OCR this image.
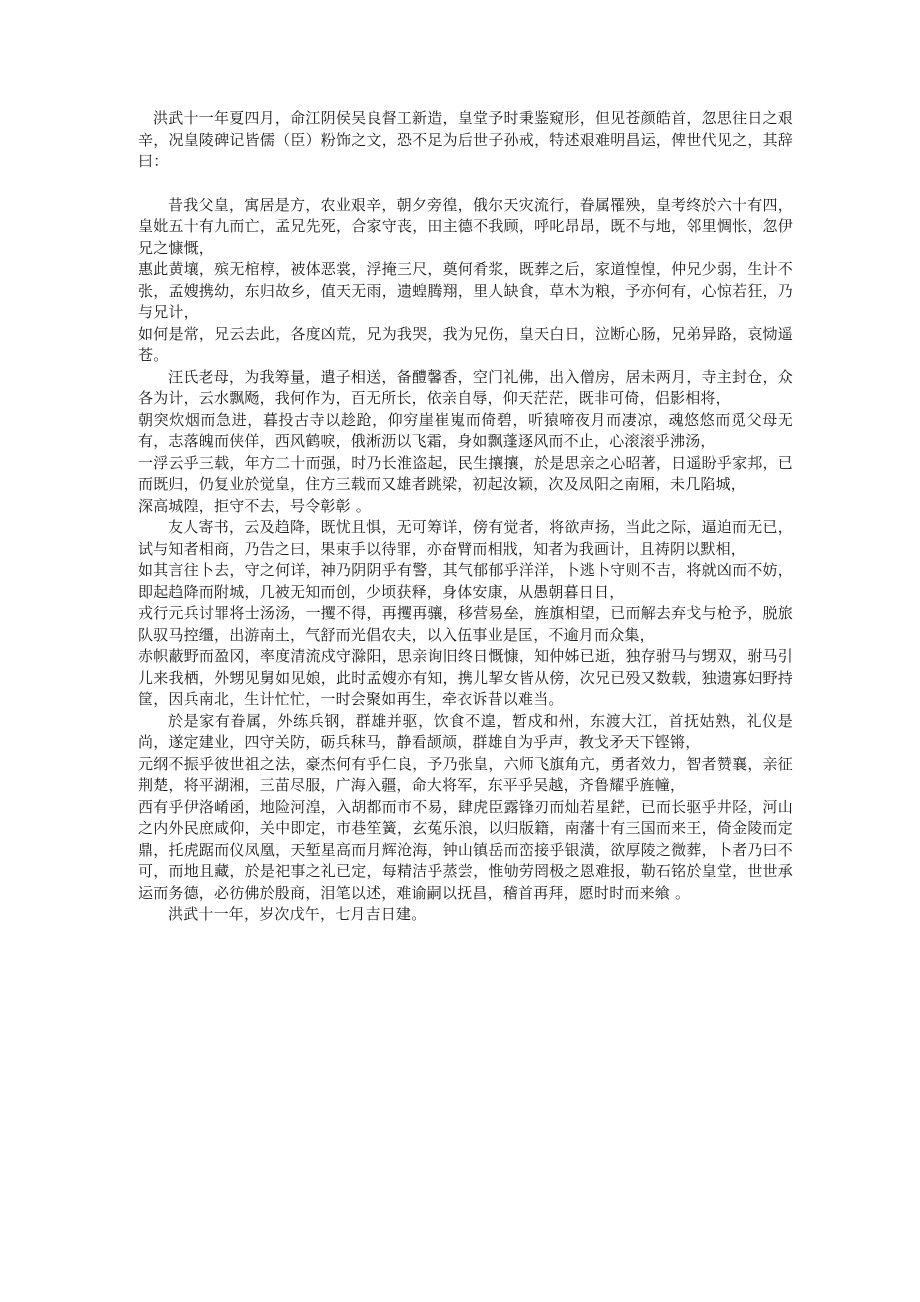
洪武十一年夏四月，命江阴侯吴良督工新造，皇堂予时秉鉴窥形，但见苍颜皓首，忽思往日之艰辛，况皇陵碑记皆儒（臣）粉饰之文，恐不足为后世子孙戒，特述艰难明昌运，俾世代见之，其辞曰：

昔我父皇，寓居是方，农业艰辛，朝夕旁徨，俄尔天灾流行，眷属罹殃，皇考终於六十有四，皇妣五十有九而亡，孟兄先死，合家守丧，田主德不我顾，呼叱昂昂，既不与地，邻里惆怅，忽伊兄之慷慨，

惠此黄壤，殡无棺椁，被体恶裳，浮掩三尺，奠何肴浆，既葬之后，家道惶惶，仲兄少弱，生计不张，孟嫂携幼，东归故乡，值天无雨，遗蝗腾翔，里人缺食，草木为粮，予亦何有，心惊若狂，乃与兄计，

如何是常，兄云去此，各度凶荒，兄为我哭，我为兄伤，皇天白日，泣断心肠，兄弟异路，哀恸遥苍。

汪氏老母，为我筹量，遣子相送，备醴馨香，空门礼佛，出入僧房，居未两月，寺主封仓，众各为计，云水飘飏，我何作为，百无所长，依亲自辱，仰天茫茫，既非可倚，侣影相将，

朝突炊烟而急进，暮投古寺以趁跄，仰穷崖崔嵬而倚碧，听猿啼夜月而凄凉，魂悠悠而觅父母无有，志落魄而侠佯，西风鹤唳，俄淅沥以飞霜，身如飘蓬逐风而不止，心滚滚乎沸汤，

一浮云乎三载，年方二十而强，时乃长淮盗起，民生攘攘，於是思亲之心昭著，日遥盼乎家邦，已而既归，仍复业於觉皇，住方三载而又雄者跳梁，初起汝颖，次及凤阳之南厢，未几陷城，

深高城隍，拒守不去，号令彰彰 。

友人寄书，云及趋降，既忧且惧，无可筹详，傍有觉者，将欲声扬，当此之际，逼迫而无已，试与知者相商，乃告之曰，果束手以待罪，亦奋臂而相戕，知者为我画计，且祷阴以默相，

如其言往卜去，守之何详，神乃阴阴乎有警，其气郁郁乎洋洋，卜逃卜守则不吉，将就凶而不妨，即起趋降而附城，几被无知而创，少顷获释，身体安康，从愚朝暮日日，

戎行元兵讨罪将士汤汤，一攫不得，再攫再骧，移营易垒，旌旗相望，已而解去弃戈与枪予，脱旅队驭马控缰，出游南土，气舒而光倡农夫，以入伍事业是匡，不逾月而众集，

赤帜蔽野而盈冈，率度清流戍守滁阳，思亲询旧终日慨慷，知仲姊已逝，独存驸马与甥双，驸马引儿来我栖，外甥见舅如见娘，此时孟嫂亦有知，携儿挈女皆从傍，次兄已殁又数载，独遗寡妇野持筐，因兵南北，生计忙忙，一时会聚如再生，牵衣诉昔以难当。

於是家有眷属，外练兵钢，群雄并驱，饮食不遑，暂戍和州，东渡大江，首抚姑熟，礼仪是尚，遂定建业，四守关防，砺兵秣马，静看颉颃，群雄自为乎声，教戈矛天下铿锵，

元纲不振乎彼世祖之法，豪杰何有乎仁良，予乃张皇，六师飞旗角亢，勇者效力，智者赞襄，亲征荆楚，将平湖湘，三苗尽服，广海入疆，命大将军，东平乎吴越，齐鲁耀乎旌幢，

西有乎伊洛崤函，地险河湟，入胡都而市不易，肆虎臣露锋刃而灿若星鋩，已而长驱乎井陉，河山之内外民庶咸仰，关中即定，市巷笙簧，玄菟乐浪，以归版籍，南藩十有三国而来王，倚金陵而定鼎，托虎踞而仪凤凰，天堑星高而月辉沧海，钟山镇岳而峦接乎银潢，欲厚陵之微葬，卜者乃曰不可，而地且藏，於是祀事之礼已定，每精洁乎蒸尝，惟劬劳罔极之恩难报，勒石铭於皇堂，世世承运而务德，必彷佛於殷商，泪笔以述，难谕嗣以抚昌，稽首再拜，愿时时而来飨 。

洪武十一年，岁次戊午，七月吉日建。
